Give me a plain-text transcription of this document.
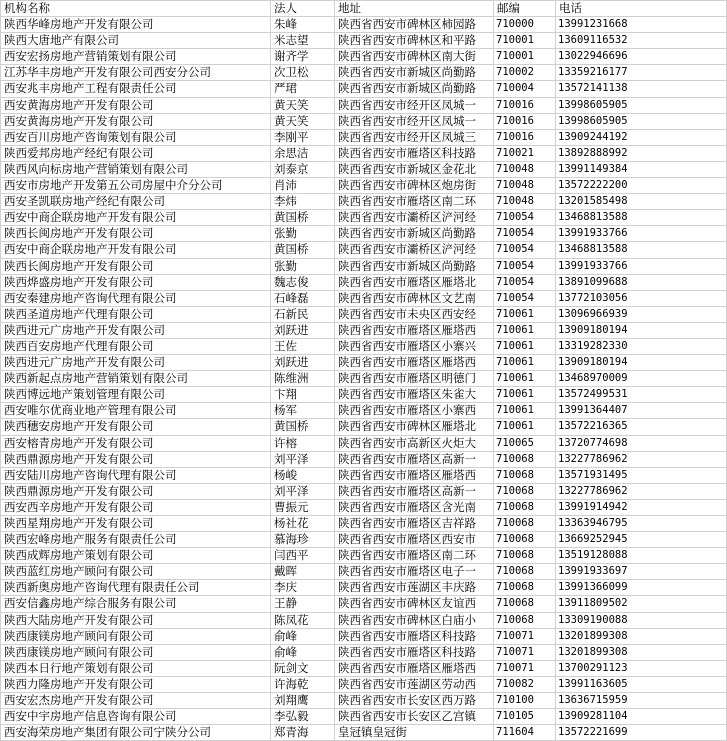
机构名称	法人	地址	邮编	电话
陕西华峰房地产开发有限公司	朱峰	陕西省西安市碑林区柿园路	710000	13991231668
陕西大唐地产有限公司	米志望	陕西省西安市碑林区和平路	710001	13609116532
西安宏扬房地产营销策划有限公司	谢齐学	陕西省西安市碑林区南大街	710001	13022946696
江苏华丰房地产开发有限公司西安分公司	次卫松	陕西省西安市新城区尚勤路	710002	13359216177
西安兆丰房地产工程有限责任公司	严珺	陕西省西安市新城区尚勤路	710004	13572141138
西安黄海房地产开发有限公司	黄天笑	陕西省西安市经开区凤城一	710016	13998605905
西安黄海房地产开发有限公司	黄天笑	陕西省西安市经开区凤城一	710016	13998605905
西安百川房地产咨询策划有限公司	李刚平	陕西省西安市经开区凤城三	710016	13909244192
陕西爱邦房地产经纪有限公司	余思洁	陕西省西安市雁塔区科技路	710021	13892888992
陕西风向标房地产营销策划有限公司	刘泰京	陕西省西安市新城区金花北	710048	13991149384
西安市房地产开发第五公司房屋中介分公司	肖沛	陕西省西安市碑林区炮房街	710048	13572222200
西安圣凯联房地产经纪有限公司	李炜	陕西省西安市雁塔区南二环	710048	13201585498
西安中商企联房地产开发有限公司	黄国桥	陕西省西安市灞桥区浐河经	710054	13468813588
陕西长闽房地产开发有限公司	张勤	陕西省西安市新城区尚勤路	710054	13991933766
西安中商企联房地产开发有限公司	黄国桥	陕西省西安市灞桥区浐河经	710054	13468813588
陕西长闽房地产开发有限公司	张勤	陕西省西安市新城区尚勤路	710054	13991933766
陕西烨盛房地产开发有限公司	魏志俊	陕西省西安市雁塔区雁塔北	710054	13891099688
西安秦建房地产咨询代理有限公司	石峰磊	陕西省西安市碑林区文艺南	710054	13772103056
陕西圣道房地产代理有限公司	石新民	陕西省西安市未央区西安经	710061	13096966939
陕西进元广房地产开发有限公司	刘跃进	陕西省西安市雁塔区雁塔西	710061	13909180194
陕西百安房地产代理有限公司	王佐	陕西省西安市雁塔区小寨兴	710061	13319282330
陕西进元广房地产开发有限公司	刘跃进	陕西省西安市雁塔区雁塔西	710061	13909180194
陕西新起点房地产营销策划有限公司	陈维洲	陕西省西安市雁塔区明德门	710061	13468970009
陕西博远地产策划管理有限公司	卞翔	陕西省西安市雁塔区朱雀大	710061	13572499531
西安唯尔优商业地产管理有限公司	杨军	陕西省西安市雁塔区小寨西	710061	13991364407
陕西穗安房地产开发有限公司	黄国桥	陕西省西安市碑林区雁塔北	710061	13572216365
西安榕青房地产开发有限公司	许榕	陕西省西安市高新区火炬大	710065	13720774698
陕西鼎源房地产开发有限公司	刘平泽	陕西省西安市雁塔区高新一	710068	13227786962
西安陆川房地产咨询代理有限公司	杨峻	陕西省西安市雁塔区雁塔西	710068	13571931495
陕西鼎源房地产开发有限公司	刘平泽	陕西省西安市雁塔区高新一	710068	13227786962
西安西辛房地产开发有限公司	曹振元	陕西省西安市雁塔区含光南	710068	13991914942
陕西星翔房地产开发有限公司	杨社花	陕西省西安市雁塔区吉祥路	710068	13363946795
陕西宏峰房地产服务有限责任公司	慕海珍	陕西省西安市雁塔区西安市	710068	13669252945
陕西成辉房地产策划有限公司	闫西平	陕西省西安市雁塔区南二环	710068	13519128088
陕西蓝红房地产顾问有限公司	戴晖	陕西省西安市雁塔区电子一	710068	13991933697
陕西新奥房地产咨询代理有限责任公司	李庆	陕西省西安市莲湖区丰庆路	710068	13991366099
西安信鑫房地产综合服务有限公司	王静	陕西省西安市碑林区友谊西	710068	13911809502
陕西大陆房地产开发有限公司	陈凤花	陕西省西安市碑林区白庙小	710068	13309190088
陕西康镁房地产顾问有限公司	俞峰	陕西省西安市雁塔区科技路	710071	13201899308
陕西康镁房地产顾问有限公司	俞峰	陕西省西安市雁塔区科技路	710071	13201899308
陕西本日行地产策划有限公司	阮剑文	陕西省西安市雁塔区雁塔西	710071	13700291123
陕西力隆房地产开发有限公司	许海乾	陕西省西安市莲湖区劳动西	710082	13991163605
西安宏杰房地产开发有限公司	刘翔鹰	陕西省西安市长安区西万路	710100	13636715959
西安中宇房地产信息咨询有限公司	李弘毅	陕西省西安市长安区乙宫镇	710105	13909281104
西安海荣房地产集团有限公司宁陕分公司	郑青海	皇冠镇皇冠街	711604	13572221699
